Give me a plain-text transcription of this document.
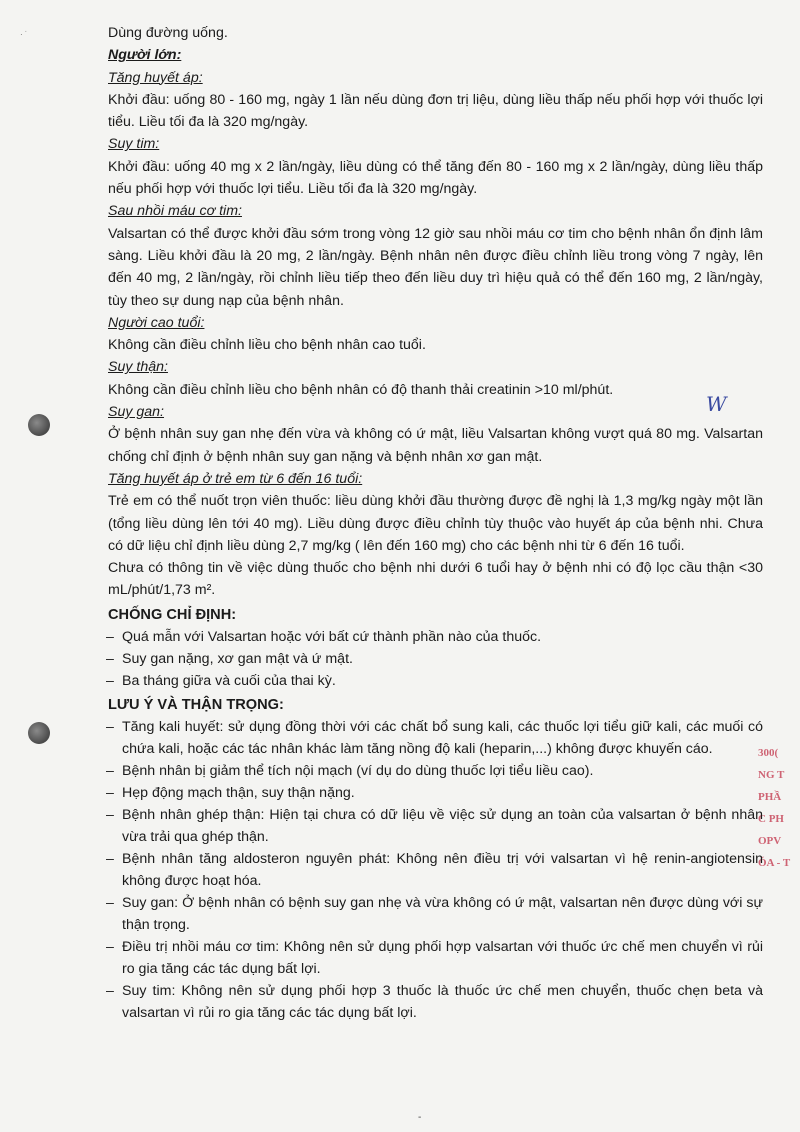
· ˙
W
300(
NG T
PHẦ
C PH
OPV
ÓA - T
Dùng đường uống.
Người lớn:
Tăng huyết áp:
Khởi đầu: uống 80 - 160 mg, ngày 1 lần nếu dùng đơn trị liệu, dùng liều thấp nếu phối hợp với thuốc lợi tiểu. Liều tối đa là 320 mg/ngày.
Suy tim:
Khởi đầu: uống 40 mg x 2 lần/ngày, liều dùng có thể tăng đến 80 - 160 mg x 2 lần/ngày, dùng liều thấp nếu phối hợp với thuốc lợi tiểu. Liều tối đa là 320 mg/ngày.
Sau nhồi máu cơ tim:
Valsartan có thể được khởi đầu sớm trong vòng 12 giờ sau nhồi máu cơ tim cho bệnh nhân ổn định lâm sàng. Liều khởi đầu là 20 mg, 2 lần/ngày. Bệnh nhân nên được điều chỉnh liều trong vòng 7 ngày, lên đến 40 mg, 2 lần/ngày, rồi chỉnh liều tiếp theo đến liều duy trì hiệu quả có thể đến 160 mg, 2 lần/ngày, tùy theo sự dung nạp của bệnh nhân.
Người cao tuổi:
Không cần điều chỉnh liều cho bệnh nhân cao tuổi.
Suy thận:
Không cần điều chỉnh liều cho bệnh nhân có độ thanh thải creatinin >10 ml/phút.
Suy gan:
Ở bệnh nhân suy gan nhẹ đến vừa và không có ứ mật, liều Valsartan không vượt quá 80 mg. Valsartan chống chỉ định ở bệnh nhân suy gan nặng và bệnh nhân xơ gan mật.
Tăng huyết áp ở trẻ em từ 6 đến 16 tuổi:
Trẻ em có thể nuốt trọn viên thuốc: liều dùng khởi đầu thường được đề nghị là 1,3 mg/kg ngày một lần (tổng liều dùng lên tới 40 mg). Liều dùng được điều chỉnh tùy thuộc vào huyết áp của bệnh nhi. Chưa có dữ liệu chỉ định liều dùng 2,7 mg/kg ( lên đến 160 mg) cho các bệnh nhi từ 6 đến 16 tuổi.
Chưa có thông tin về việc dùng thuốc cho bệnh nhi dưới 6 tuổi hay ở bệnh nhi có độ lọc cầu thận <30 mL/phút/1,73 m².
CHỐNG CHỈ ĐỊNH:
– Quá mẫn với Valsartan hoặc với bất cứ thành phần nào của thuốc.
– Suy gan nặng, xơ gan mật và ứ mật.
– Ba tháng giữa và cuối của thai kỳ.
LƯU Ý VÀ THẬN TRỌNG:
– Tăng kali huyết: sử dụng đồng thời với các chất bổ sung kali, các thuốc lợi tiểu giữ kali, các muối có chứa kali, hoặc các tác nhân khác làm tăng nồng độ kali (heparin,...) không được khuyến cáo.
– Bệnh nhân bị giảm thể tích nội mạch (ví dụ do dùng thuốc lợi tiểu liều cao).
– Hẹp động mạch thận, suy thận nặng.
– Bệnh nhân ghép thận: Hiện tại chưa có dữ liệu về việc sử dụng an toàn của valsartan ở bệnh nhân vừa trải qua ghép thận.
– Bệnh nhân tăng aldosteron nguyên phát: Không nên điều trị với valsartan vì hệ renin-angiotensin không được hoạt hóa.
– Suy gan: Ở bệnh nhân có bệnh suy gan nhẹ và vừa không có ứ mật, valsartan nên được dùng với sự thận trọng.
– Điều trị nhồi máu cơ tim: Không nên sử dụng phối hợp valsartan với thuốc ức chế men chuyển vì rủi ro gia tăng các tác dụng bất lợi.
– Suy tim: Không nên sử dụng phối hợp 3 thuốc là thuốc ức chế men chuyển, thuốc chẹn beta và valsartan vì rủi ro gia tăng các tác dụng bất lợi.
-
